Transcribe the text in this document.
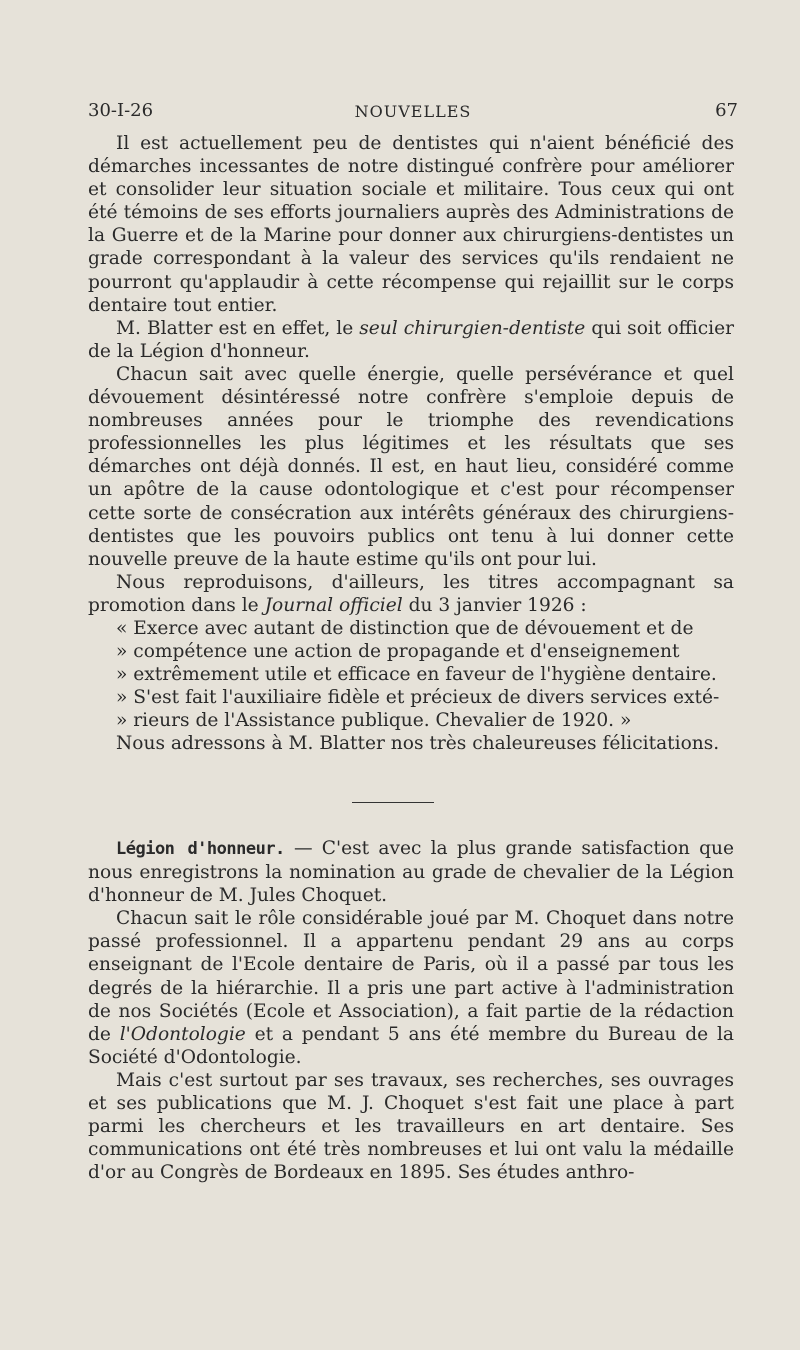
30-I-26	NOUVELLES	67

Il est actuellement peu de dentistes qui n'aient bénéficié des démarches incessantes de notre distingué confrère pour améliorer et consolider leur situation sociale et militaire. Tous ceux qui ont été témoins de ses efforts journaliers auprès des Administrations de la Guerre et de la Marine pour donner aux chirurgiens-dentistes un grade correspondant à la valeur des services qu'ils rendaient ne pourront qu'applaudir à cette récompense qui rejaillit sur le corps dentaire tout entier.

M. Blatter est en effet, le seul chirurgien-dentiste qui soit officier de la Légion d'honneur.

Chacun sait avec quelle énergie, quelle persévérance et quel dévouement désintéressé notre confrère s'emploie depuis de nombreuses années pour le triomphe des revendications professionnelles les plus légitimes et les résultats que ses démarches ont déjà donnés. Il est, en haut lieu, considéré comme un apôtre de la cause odontologique et c'est pour récompenser cette sorte de consécration aux intérêts généraux des chirurgiens-dentistes que les pouvoirs publics ont tenu à lui donner cette nouvelle preuve de la haute estime qu'ils ont pour lui.

Nous reproduisons, d'ailleurs, les titres accompagnant sa promotion dans le Journal officiel du 3 janvier 1926 :

« Exerce avec autant de distinction que de dévouement et de
» compétence une action de propagande et d'enseignement
» extrêmement utile et efficace en faveur de l'hygiène dentaire.
» S'est fait l'auxiliaire fidèle et précieux de divers services exté-
» rieurs de l'Assistance publique. Chevalier de 1920. »

Nous adressons à M. Blatter nos très chaleureuses félicitations.

Légion d'honneur. — C'est avec la plus grande satisfaction que nous enregistrons la nomination au grade de chevalier de la Légion d'honneur de M. Jules Choquet.

Chacun sait le rôle considérable joué par M. Choquet dans notre passé professionnel. Il a appartenu pendant 29 ans au corps enseignant de l'Ecole dentaire de Paris, où il a passé par tous les degrés de la hiérarchie. Il a pris une part active à l'administration de nos Sociétés (Ecole et Association), a fait partie de la rédaction de l'Odontologie et a pendant 5 ans été membre du Bureau de la Société d'Odontologie.

Mais c'est surtout par ses travaux, ses recherches, ses ouvrages et ses publications que M. J. Choquet s'est fait une place à part parmi les chercheurs et les travailleurs en art dentaire. Ses communications ont été très nombreuses et lui ont valu la médaille d'or au Congrès de Bordeaux en 1895. Ses études anthro-
